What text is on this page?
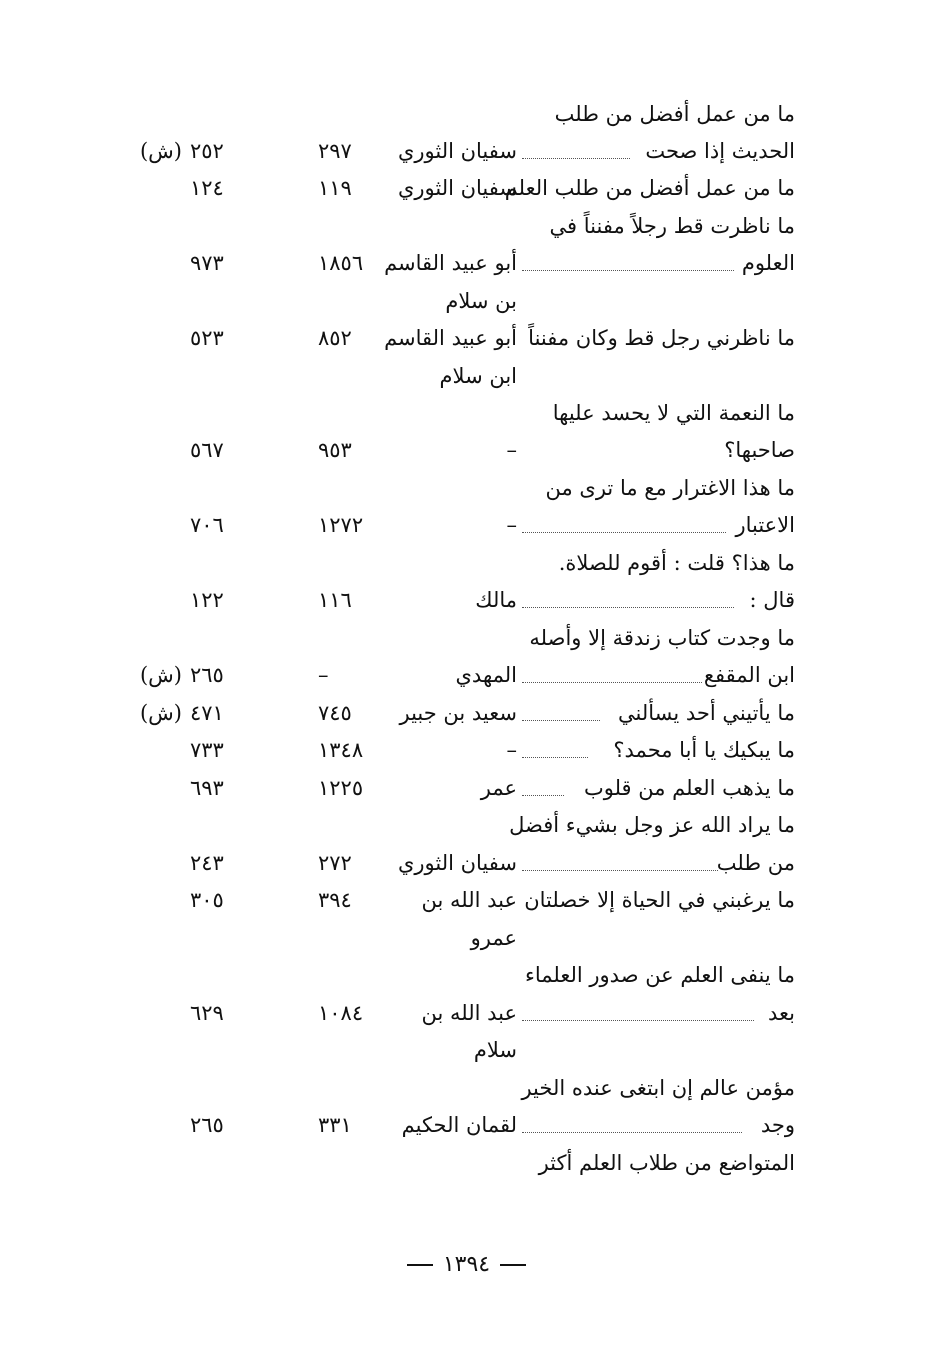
ما من عمل أفضل من طلب
الحديث إذا صحت
سفيان الثوري
٢٩٧
٢٥٢
(ش)
ما من عمل أفضل من طلب العلم
سفيان الثوري
١١٩
١٢٤
ما ناظرت قط رجلاً مفنناً في
العلوم
أبو عبيد القاسم
١٨٥٦
٩٧٣
بن سلام
ما ناظرني رجل قط وكان مفنناً
أبو عبيد القاسم
٨٥٢
٥٢٣
ابن سلام
ما النعمة التي لا يحسد عليها
صاحبها؟
–
٩٥٣
٥٦٧
ما هذا الاغترار مع ما ترى من
الاعتبار
–
١٢٧٢
٧٠٦
ما هذا؟ قلت : أقوم للصلاة.
قال :
مالك
١١٦
١٢٢
ما وجدت كتاب زندقة إلا وأصله
ابن المقفع
المهدي
–
٢٦٥
(ش)
ما يأتيني أحد يسألني
سعيد بن جبير
٧٤٥
٤٧١
(ش)
ما يبكيك يا أبا محمد؟
–
١٣٤٨
٧٣٣
ما يذهب العلم من قلوب
عمر
١٢٢٥
٦٩٣
ما يراد الله عز وجل بشيء أفضل
من طلب
سفيان الثوري
٢٧٢
٢٤٣
ما يرغبني في الحياة إلا خصلتان
عبد الله بن
٣٩٤
٣٠٥
عمرو
ما ينفى العلم عن صدور العلماء
بعد
عبد الله بن
١٠٨٤
٦٢٩
سلام
مؤمن عالم إن ابتغى عنده الخير
وجد
لقمان الحكيم
٣٣١
٢٦٥
المتواضع من طلاب العلم أكثر
١٣٩٤
